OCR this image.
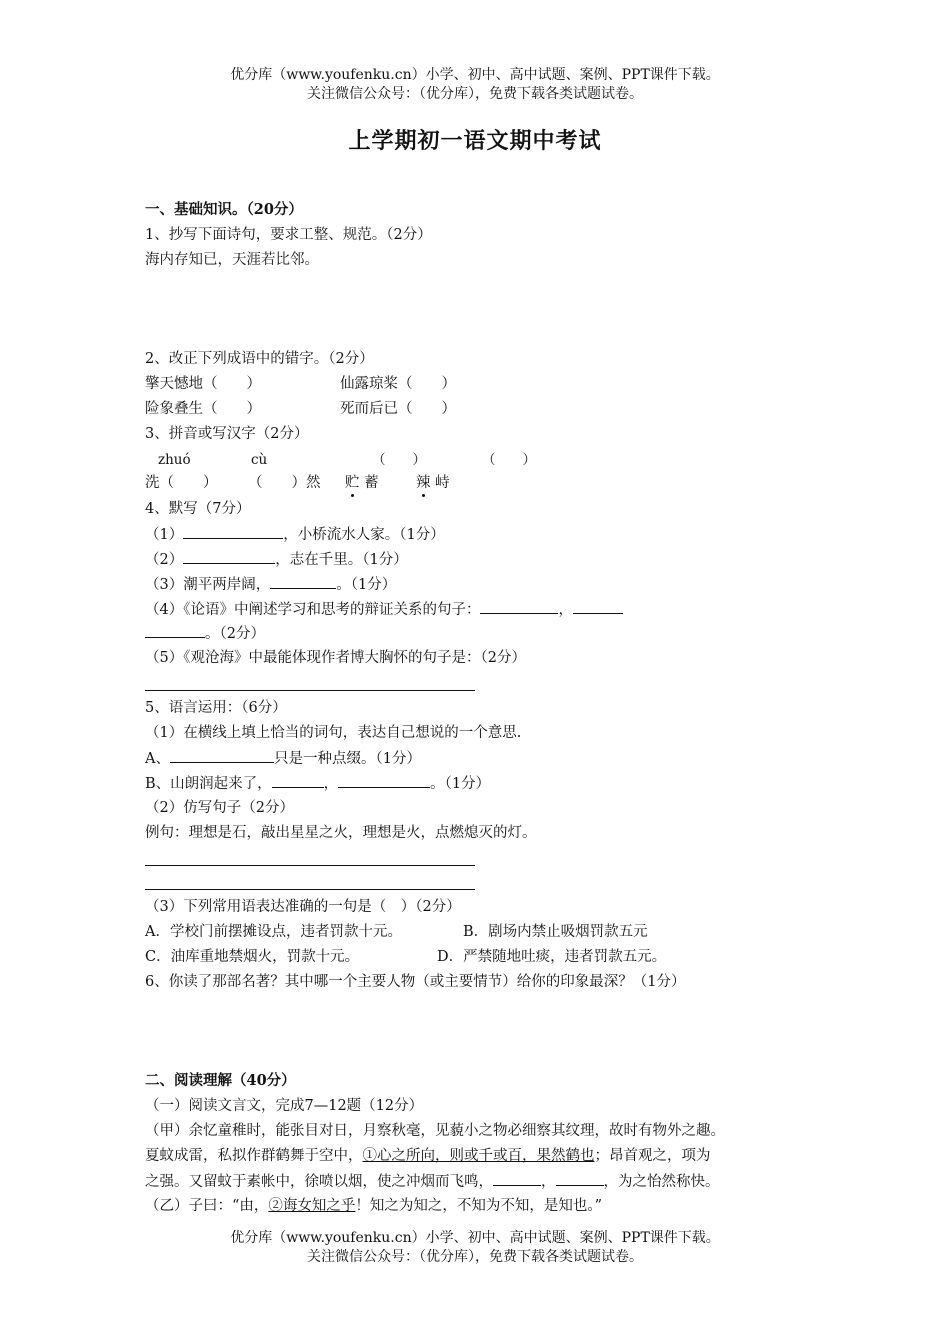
优分库（www.youfenku.cn）小学、初中、高中试题、案例、PPT课件下载。
关注微信公众号：（优分库），免费下载各类试题试卷。
上学期初一语文期中考试
一、基础知识。（20分）
1、抄写下面诗句，要求工整、规范。（2分）
海内存知已，天涯若比邻。
2、改正下列成语中的错字。（2分）
擎天憾地（　　）	仙露琼桨（　　）
险象叠生（　　）	死而后已（　　）
3、拼音或写汉字（2分）
zhuó	cù	（　　）	（　　）
洗（　　） （　　）然 贮 蓄	辣 峙
4、默写（7分）
（1）	，小桥流水人家。（1分）
（2）	，志在千里。（1分）
（3）潮平两岸阔，	。（1分）
（4）《论语》中阐述学习和思考的辩证关系的句子：	，
。（2分）
（5）《观沧海》中最能体现作者博大胸怀的句子是：（2分）
5、语言运用：（6分）
（1）在横线上填上恰当的词句，表达自己想说的一个意思.
A、	只是一种点缀。（1分）
B、山朗润起来了，	，	。（1分）
（2）仿写句子（2分）
例句：理想是石，敲出星星之火，理想是火，点燃熄灭的灯。
（3）下列常用语表达准确的一句是（　）（2分）
A．学校门前摆摊设点，违者罚款十元。	B．剧场内禁止吸烟罚款五元
C．油库重地禁烟火，罚款十元。	D．严禁随地吐痰，违者罚款五元。
6、你读了那部名著？其中哪一个主要人物（或主要情节）给你的印象最深？（1分）
二、阅读理解（40分）
（一）阅读文言文，完成7—12题（12分）
（甲）余忆童稚时，能张目对日，月察秋毫，见藐小之物必细察其纹理，故时有物外之趣。
夏蚊成雷，私拟作群鹤舞于空中，①心之所向，则或千或百，果然鹤也；昂首观之，项为
之强。又留蚊于素帐中，徐喷以烟，使之冲烟而飞鸣，	，	，为之怡然称快。
（乙）子曰：“由，②诲女知之乎！知之为知之，不知为不知，是知也。”
优分库（www.youfenku.cn）小学、初中、高中试题、案例、PPT课件下载。
关注微信公众号：（优分库），免费下载各类试题试卷。
